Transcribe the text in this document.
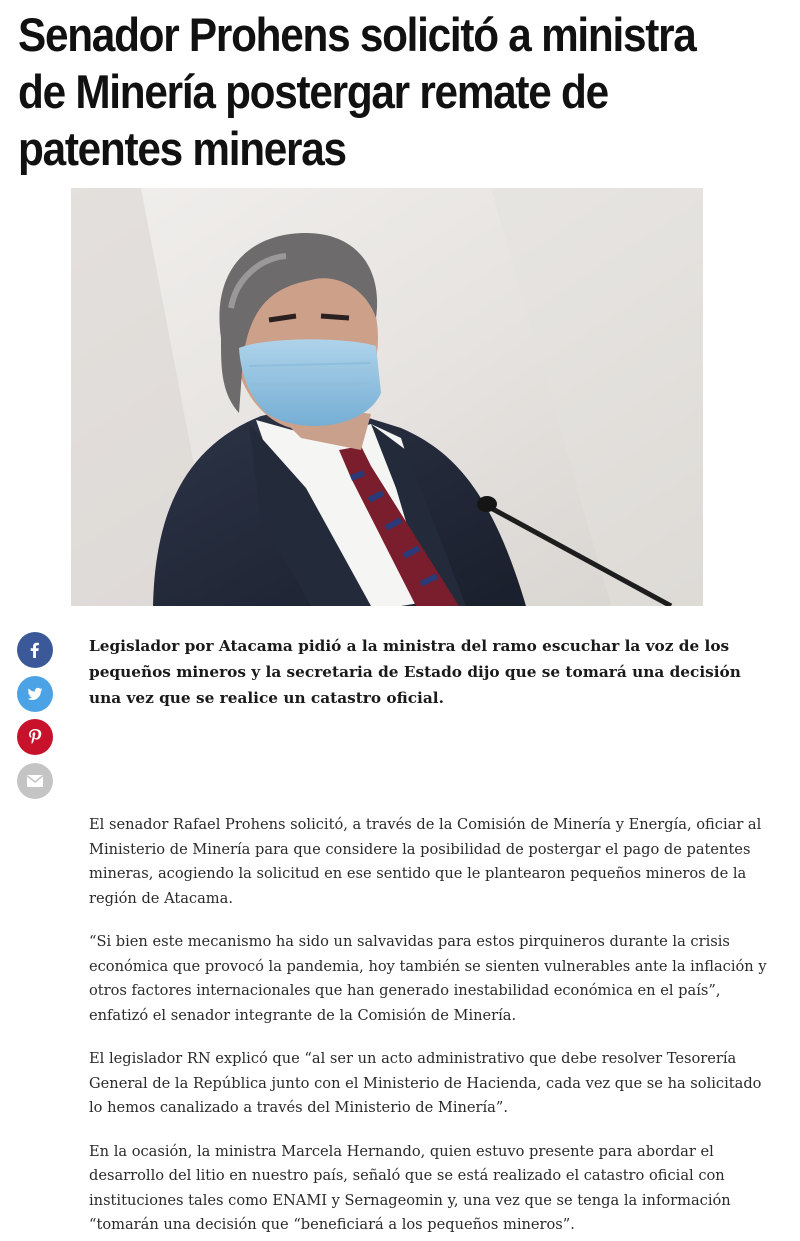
Senador Prohens solicitó a ministra de Minería postergar remate de patentes mineras

Legislador por Atacama pidió a la ministra del ramo escuchar la voz de los pequeños mineros y la secretaria de Estado dijo que se tomará una decisión una vez que se realice un catastro oficial.

El senador Rafael Prohens solicitó, a través de la Comisión de Minería y Energía, oficiar al Ministerio de Minería para que considere la posibilidad de postergar el pago de patentes mineras, acogiendo la solicitud en ese sentido que le plantearon pequeños mineros de la región de Atacama.

“Si bien este mecanismo ha sido un salvavidas para estos pirquineros durante la crisis económica que provocó la pandemia, hoy también se sienten vulnerables ante la inflación y otros factores internacionales que han generado inestabilidad económica en el país”, enfatizó el senador integrante de la Comisión de Minería.

El legislador RN explicó que “al ser un acto administrativo que debe resolver Tesorería General de la República junto con el Ministerio de Hacienda, cada vez que se ha solicitado lo hemos canalizado a través del Ministerio de Minería”.

En la ocasión, la ministra Marcela Hernando, quien estuvo presente para abordar el desarrollo del litio en nuestro país, señaló que se está realizado el catastro oficial con instituciones tales como ENAMI y Sernageomin y, una vez que se tenga la información “tomarán una decisión que “beneficiará a los pequeños mineros”.
